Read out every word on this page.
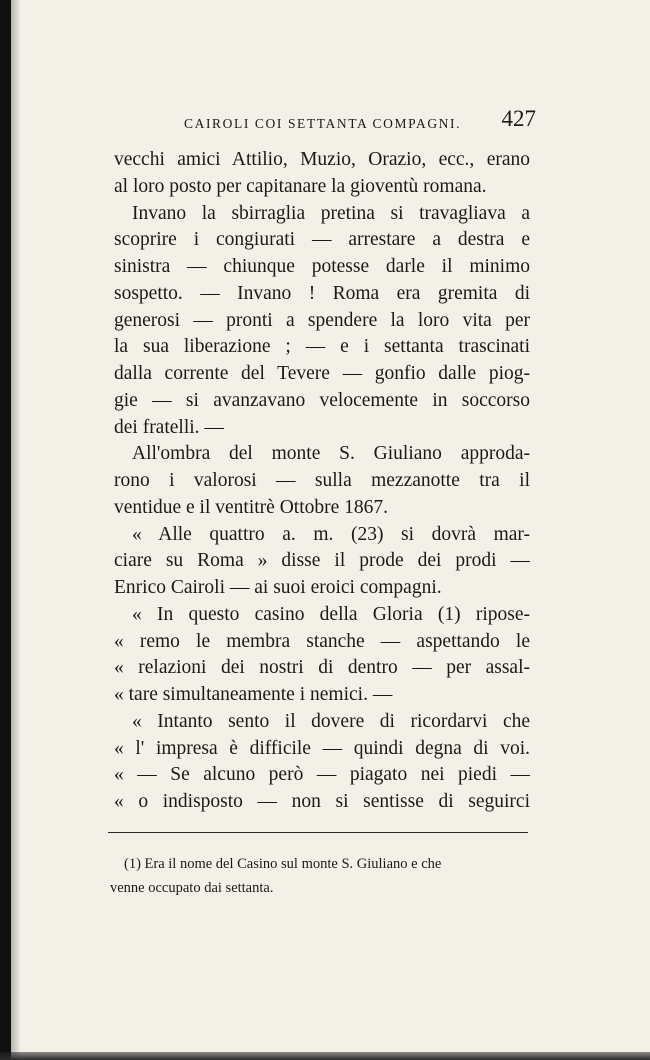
CAIROLI COI SETTANTA COMPAGNI. 427
vecchi amici Attilio, Muzio, Orazio, ecc., erano
al loro posto per capitanare la gioventù romana.
Invano la sbirraglia pretina si travagliava a
scoprire i congiurati — arrestare a destra e
sinistra — chiunque potesse darle il minimo
sospetto. — Invano ! Roma era gremita di
generosi — pronti a spendere la loro vita per
la sua liberazione ; — e i settanta trascinati
dalla corrente del Tevere — gonfio dalle piog-
gie — si avanzavano velocemente in soccorso
dei fratelli. —
All'ombra del monte S. Giuliano approda-
rono i valorosi — sulla mezzanotte tra il
ventidue e il ventitrè Ottobre 1867.
« Alle quattro a. m. (23) si dovrà mar-
ciare su Roma » disse il prode dei prodi —
Enrico Cairoli — ai suoi eroici compagni.
« In questo casino della Gloria (1) ripose-
« remo le membra stanche — aspettando le
« relazioni dei nostri di dentro — per assal-
« tare simultaneamente i nemici. —
« Intanto sento il dovere di ricordarvi che
« l' impresa è difficile — quindi degna di voi.
« — Se alcuno però — piagato nei piedi —
« o indisposto — non si sentisse di seguirci
(1) Era il nome del Casino sul monte S. Giuliano e che
venne occupato dai settanta.
